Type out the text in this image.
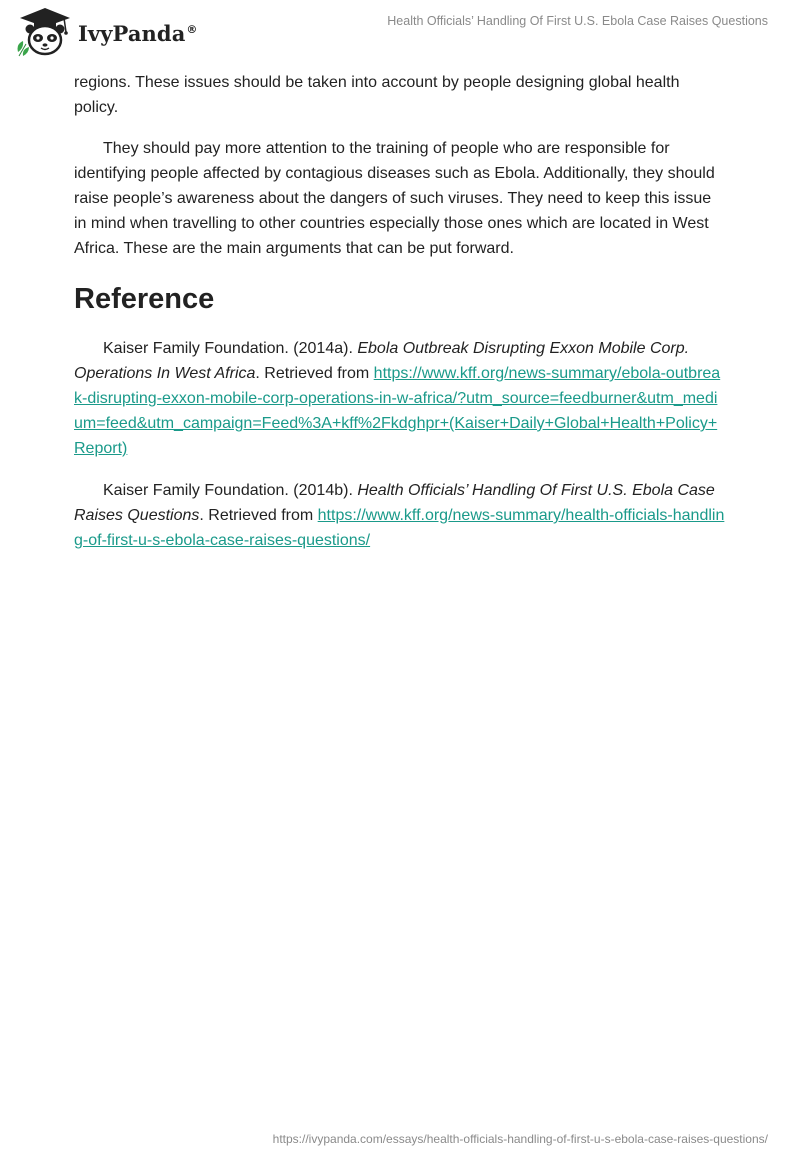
IvyPanda®
Health Officials’ Handling Of First U.S. Ebola Case Raises Questions

regions. These issues should be taken into account by people designing global health policy.

They should pay more attention to the training of people who are responsible for identifying people affected by contagious diseases such as Ebola. Additionally, they should raise people’s awareness about the dangers of such viruses. They need to keep this issue in mind when travelling to other countries especially those ones which are located in West Africa. These are the main arguments that can be put forward.

Reference

Kaiser Family Foundation. (2014a). Ebola Outbreak Disrupting Exxon Mobile Corp. Operations In West Africa. Retrieved from https://www.kff.org/news-summary/ebola-outbreak-disrupting-exxon-mobile-corp-operations-in-w-africa/?utm_source=feedburner&utm_medium=feed&utm_campaign=Feed%3A+kff%2Fkdghpr+(Kaiser+Daily+Global+Health+Policy+Report)

Kaiser Family Foundation. (2014b). Health Officials’ Handling Of First U.S. Ebola Case Raises Questions. Retrieved from https://www.kff.org/news-summary/health-officials-handling-of-first-u-s-ebola-case-raises-questions/

https://ivypanda.com/essays/health-officials-handling-of-first-u-s-ebola-case-raises-questions/
